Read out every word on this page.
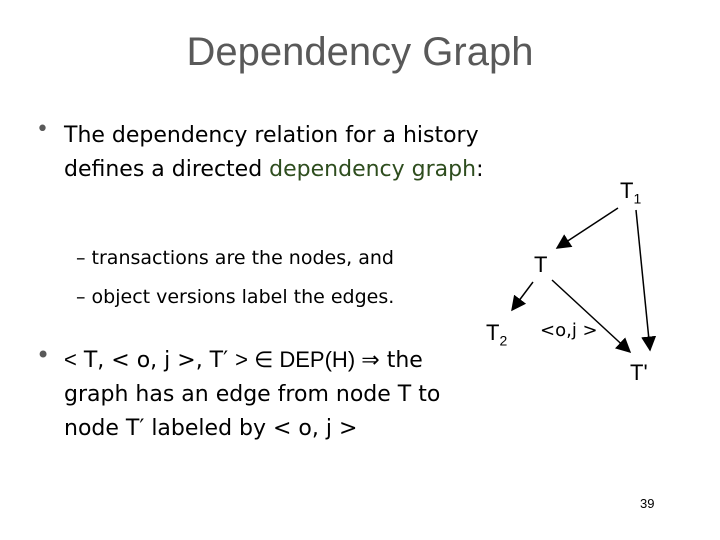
Dependency Graph
• The dependency relation for a history defines a directed dependency graph:
– transactions are the nodes, and
– object versions label the edges.
• < T, < o, j >, T′ > ∈ DEP(H) ⇒ the graph has an edge from node T to node T′ labeled by < o, j >
$T_1$
T
$T_2$
T'
<o,j >
39
